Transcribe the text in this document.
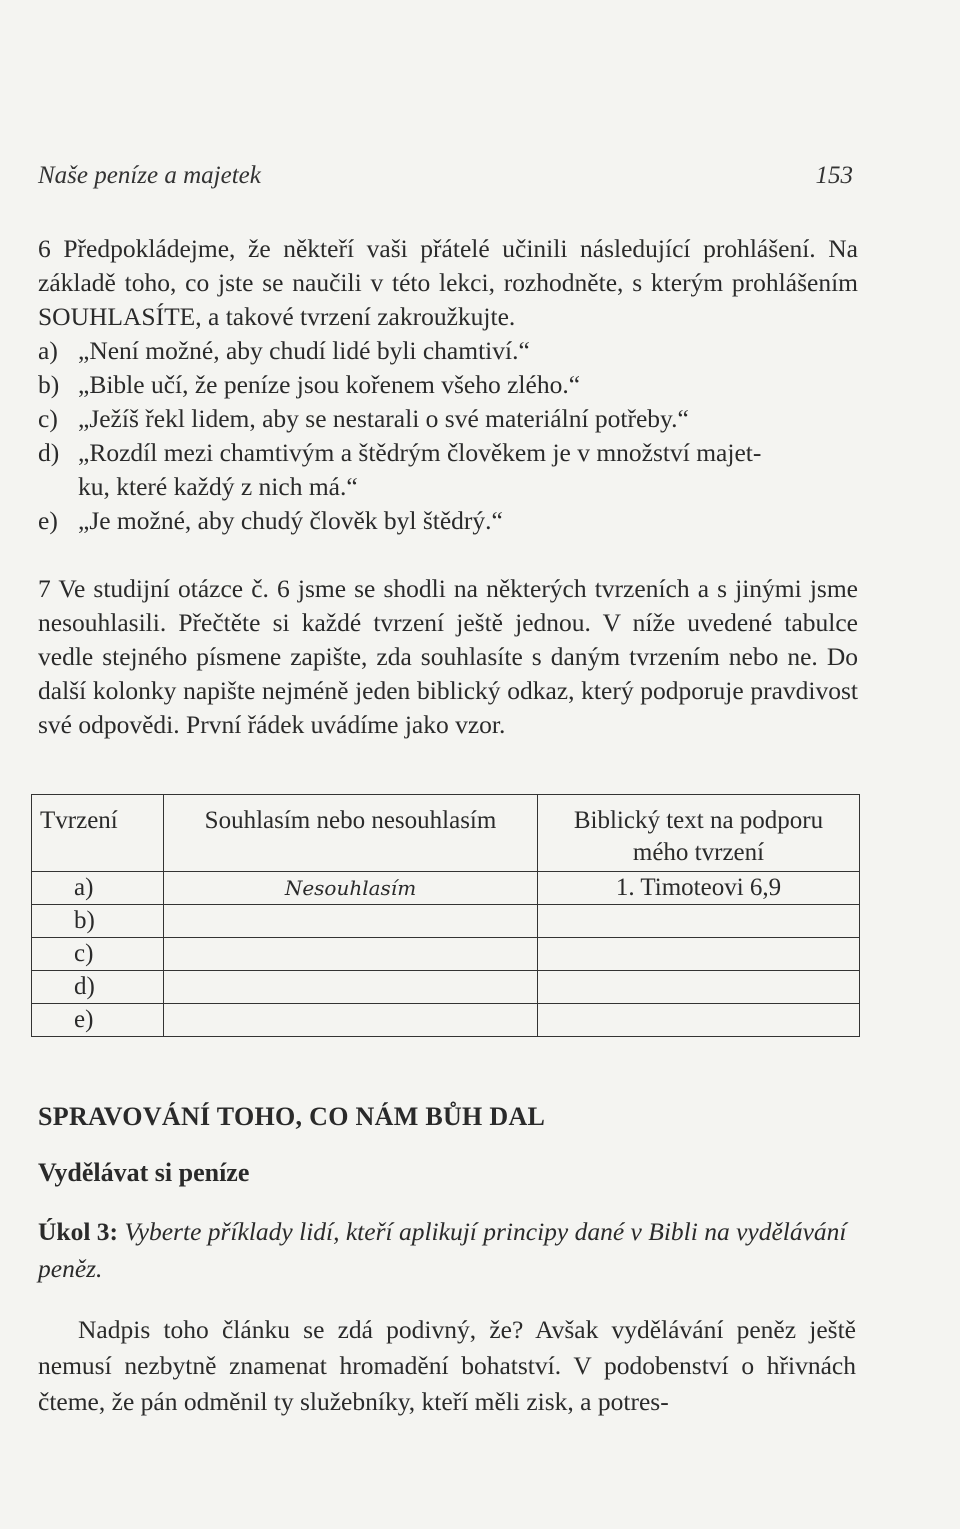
Naše peníze a majetek	153

6 Předpokládejme, že někteří vaši přátelé učinili následující prohlášení. Na základě toho, co jste se naučili v této lekci, rozhodněte, s kterým prohlášením SOUHLASÍTE, a takové tvrzení zakroužkujte.

a) „Není možné, aby chudí lidé byli chamtiví.“
b) „Bible učí, že peníze jsou kořenem všeho zlého.“
c) „Ježíš řekl lidem, aby se nestarali o své materiální potřeby.“
d) „Rozdíl mezi chamtivým a štědrým člověkem je v množství majet-
ku, které každý z nich má.“
e) „Je možné, aby chudý člověk byl štědrý.“

7 Ve studijní otázce č. 6 jsme se shodli na některých tvrzeních a s jinými jsme nesouhlasili. Přečtěte si každé tvrzení ještě jednou. V níže uvedené tabulce vedle stejného písmene zapište, zda souhlasíte s daným tvrzením nebo ne. Do další kolonky napište nejméně jeden biblický odkaz, který podporuje pravdivost své odpovědi. První řádek uvádíme jako vzor.

Tvrzení	Souhlasím nebo nesouhlasím	Biblický text na podporu mého tvrzení
a)	Nesouhlasím	1. Timoteovi 6,9
b)		
c)		
d)		
e)		
SPRAVOVÁNÍ TOHO, CO NÁM BŮH DAL
Vydělávat si peníze
Úkol 3: Vyberte příklady lidí, kteří aplikují principy dané v Bibli na vydělávání peněz.

Nadpis toho článku se zdá podivný, že? Avšak vydělávání peněz ještě nemusí nezbytně znamenat hromadění bohatství. V podobenství o hřivnách čteme, že pán odměnil ty služebníky, kteří měli zisk, a potres-
